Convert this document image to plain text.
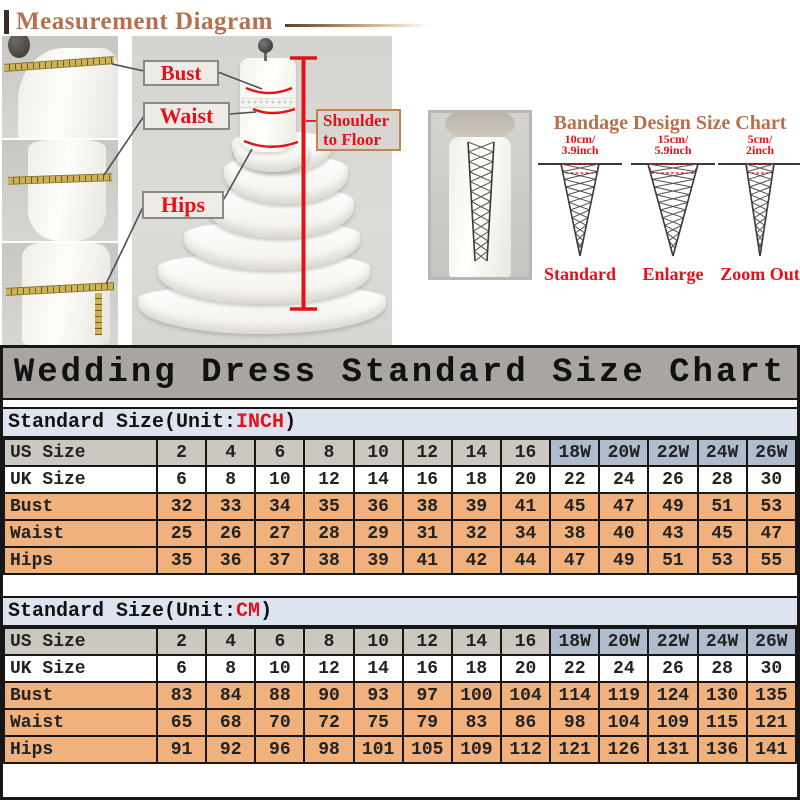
Measurement Diagram
Bust
Waist
Hips
Shoulder
to Floor
Bandage Design Size Chart
10cm/
3.9inch
Standard
15cm/
5.9inch
Enlarge
5cm/
2inch
Zoom Out
Wedding Dress Standard Size Chart
Standard Size(Unit: INCH )
US Size	2	4	6	8	10	12	14	16	18W	20W	22W	24W	26W
UK Size	6	8	10	12	14	16	18	20	22	24	26	28	30
Bust	32	33	34	35	36	38	39	41	45	47	49	51	53
Waist	25	26	27	28	29	31	32	34	38	40	43	45	47
Hips	35	36	37	38	39	41	42	44	47	49	51	53	55
Standard Size(Unit: CM )
US Size	2	4	6	8	10	12	14	16	18W	20W	22W	24W	26W
UK Size	6	8	10	12	14	16	18	20	22	24	26	28	30
Bust	83	84	88	90	93	97	100	104	114	119	124	130	135
Waist	65	68	70	72	75	79	83	86	98	104	109	115	121
Hips	91	92	96	98	101	105	109	112	121	126	131	136	141
